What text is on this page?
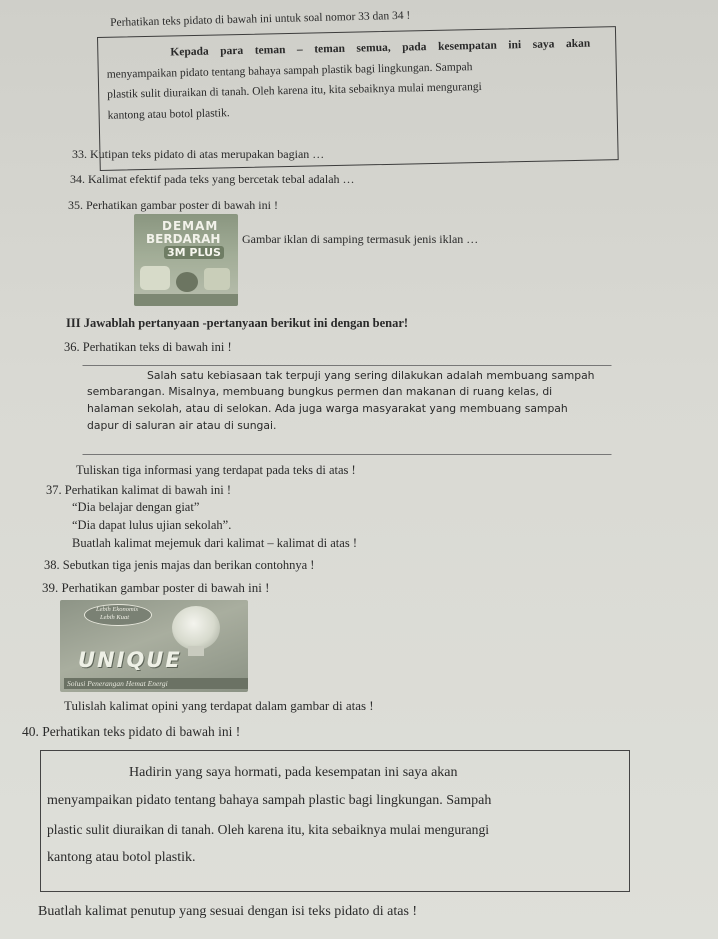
Perhatikan teks pidato di bawah ini untuk soal nomor 33 dan 34 !
Kepada para teman – teman semua, pada kesempatan ini saya akan
menyampaikan pidato tentang bahaya sampah plastik bagi lingkungan. Sampah
plastik sulit diuraikan di tanah. Oleh karena itu, kita sebaiknya mulai mengurangi
kantong atau botol plastik.
33. Kutipan teks pidato di atas merupakan bagian …
34. Kalimat efektif pada teks yang bercetak tebal adalah …
35. Perhatikan gambar poster di bawah ini !
DEMAM
BERDARAH
3M PLUS
Gambar iklan di samping termasuk jenis iklan …
III Jawablah pertanyaan -pertanyaan berikut ini dengan benar!
36. Perhatikan teks di bawah ini !
Salah satu kebiasaan tak terpuji yang sering dilakukan adalah membuang sampah
sembarangan. Misalnya, membuang bungkus permen dan makanan di ruang kelas, di
halaman sekolah, atau di selokan. Ada juga warga masyarakat yang membuang sampah
dapur di saluran air atau di sungai.
Tuliskan tiga informasi yang terdapat pada teks di atas !
37. Perhatikan kalimat di bawah ini !
“Dia belajar dengan giat”
“Dia dapat lulus ujian sekolah”.
Buatlah kalimat mejemuk dari kalimat – kalimat di atas !
38. Sebutkan tiga jenis majas dan berikan contohnya !
39. Perhatikan gambar poster di bawah ini !
Lebih Ekonomis
Lebih Kuat
UNIQUE
Solusi Penerangan Hemat Energi
Tulislah kalimat opini yang terdapat dalam gambar di atas !
40. Perhatikan teks pidato di bawah ini !
Hadirin yang saya hormati, pada kesempatan ini saya akan
menyampaikan pidato tentang bahaya sampah plastic bagi lingkungan. Sampah
plastic sulit diuraikan di tanah. Oleh karena itu, kita sebaiknya mulai mengurangi
kantong atau botol plastik.
Buatlah kalimat penutup yang sesuai dengan isi teks pidato di atas !
